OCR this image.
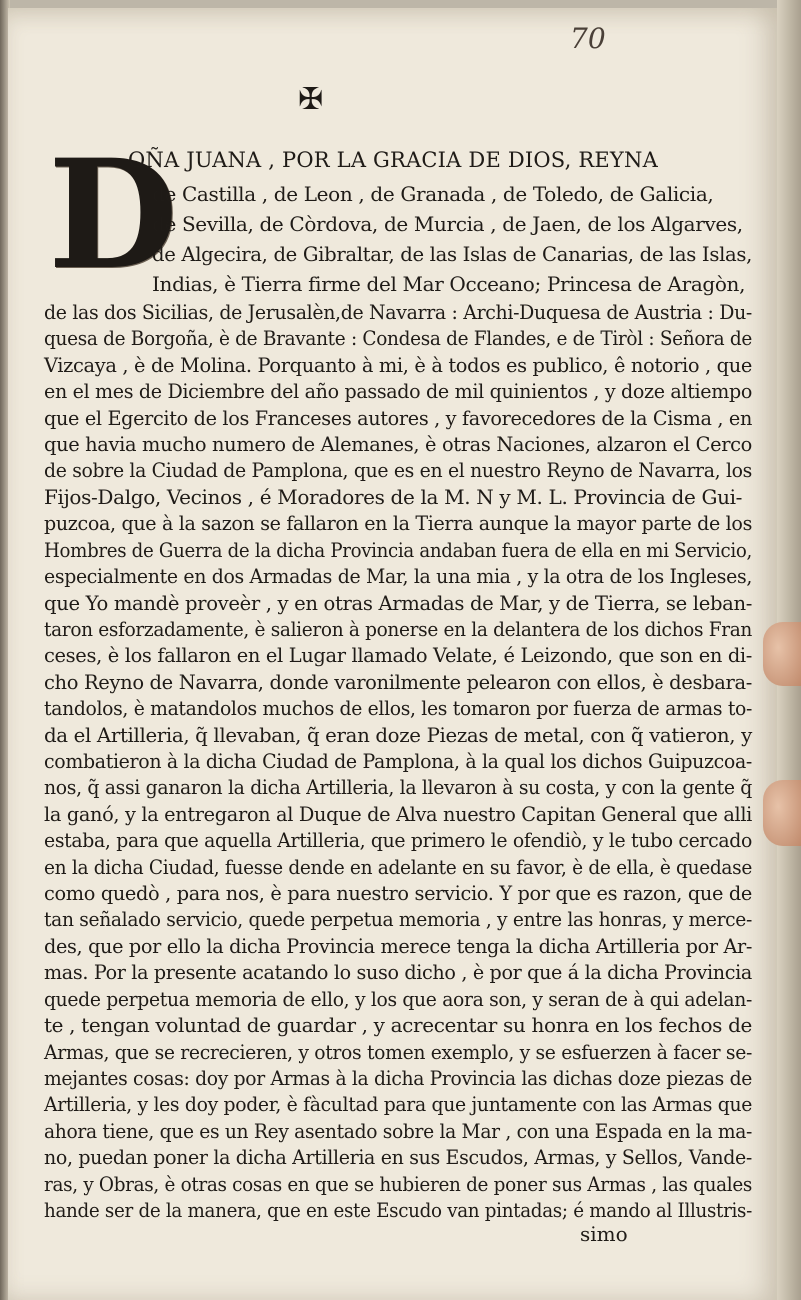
70
✠
D
OÑA JUANA , POR LA GRACIA DE DIOS, REYNA
de Castilla , de Leon , de Granada , de Toledo, de Galicia,
de Sevilla, de Còrdova, de Murcia , de Jaen, de los Algarves,
de Algecira, de Gibraltar, de las Islas de Canarias, de las Islas,
Indias, è Tierra firme del Mar Occeano; Princesa de Aragòn,
de las dos Sicilias, de Jerusalèn,de Navarra : Archi-Duquesa de Austria : Du-
quesa de Borgoña, è de Bravante : Condesa de Flandes, e de Tiròl : Señora de
Vizcaya , è de Molina. Porquanto à mi, è à todos es publico, ê notorio , que
en el mes de Diciembre del año passado de mil quinientos , y doze altiempo
que el Egercito de los Franceses autores , y favorecedores de la Cisma , en
que havia mucho numero de Alemanes, è otras Naciones, alzaron el Cerco
de sobre la Ciudad de Pamplona, que es en el nuestro Reyno de Navarra, los
Fijos-Dalgo, Vecinos , é Moradores de la M. N y M. L. Provincia de Gui-
puzcoa, que à la sazon se fallaron en la Tierra aunque la mayor parte de los
Hombres de Guerra de la dicha Provincia andaban fuera de ella en mi Servicio,
especialmente en dos Armadas de Mar, la una mia , y la otra de los Ingleses,
que Yo mandè proveèr , y en otras Armadas de Mar, y de Tierra, se leban-
taron esforzadamente, è salieron à ponerse en la delantera de los dichos Fran
ceses, è los fallaron en el Lugar llamado Velate, é Leizondo, que son en di-
cho Reyno de Navarra, donde varonilmente pelearon con ellos, è desbara-
tandolos, è matandolos muchos de ellos, les tomaron por fuerza de armas to-
da el Artilleria, q̃ llevaban, q̃ eran doze Piezas de metal, con q̃ vatieron, y
combatieron à la dicha Ciudad de Pamplona, à la qual los dichos Guipuzcoa-
nos, q̃ assi ganaron la dicha Artilleria, la llevaron à su costa, y con la gente q̃
la ganó, y la entregaron al Duque de Alva nuestro Capitan General que alli
estaba, para que aquella Artilleria, que primero le ofendiò, y le tubo cercado
en la dicha Ciudad, fuesse dende en adelante en su favor, è de ella, è quedase
como quedò , para nos, è para nuestro servicio. Y por que es razon, que de
tan señalado servicio, quede perpetua memoria , y entre las honras, y merce-
des, que por ello la dicha Provincia merece tenga la dicha Artilleria por Ar-
mas. Por la presente acatando lo suso dicho , è por que á la dicha Provincia
quede perpetua memoria de ello, y los que aora son, y seran de à qui adelan-
te , tengan voluntad de guardar , y acrecentar su honra en los fechos de
Armas, que se recrecieren, y otros tomen exemplo, y se esfuerzen à facer se-
mejantes cosas: doy por Armas à la dicha Provincia las dichas doze piezas de
Artilleria, y les doy poder, è fàcultad para que juntamente con las Armas que
ahora tiene, que es un Rey asentado sobre la Mar , con una Espada en la ma-
no, puedan poner la dicha Artilleria en sus Escudos, Armas, y Sellos, Vande-
ras, y Obras, è otras cosas en que se hubieren de poner sus Armas , las quales
hande ser de la manera, que en este Escudo van pintadas; é mando al Illustris-
simo
